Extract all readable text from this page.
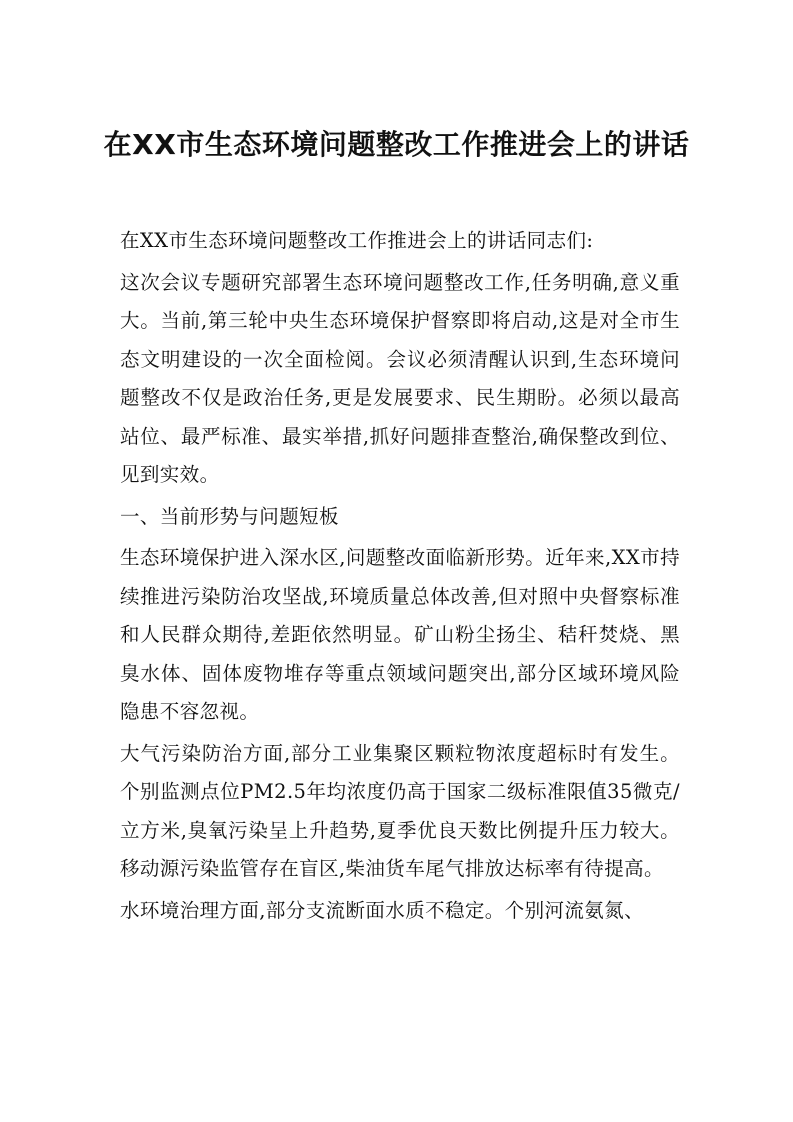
在XX市生态环境问题整改工作推进会上的讲话

在XX市生态环境问题整改工作推进会上的讲话同志们:

这次会议专题研究部署生态环境问题整改工作,任务明确,意义重大。当前,第三轮中央生态环境保护督察即将启动,这是对全市生态文明建设的一次全面检阅。会议必须清醒认识到,生态环境问题整改不仅是政治任务,更是发展要求、民生期盼。必须以最高站位、最严标准、最实举措,抓好问题排查整治,确保整改到位、见到实效。

一、当前形势与问题短板

生态环境保护进入深水区,问题整改面临新形势。近年来,XX市持续推进污染防治攻坚战,环境质量总体改善,但对照中央督察标准和人民群众期待,差距依然明显。矿山粉尘扬尘、秸秆焚烧、黑臭水体、固体废物堆存等重点领域问题突出,部分区域环境风险隐患不容忽视。

大气污染防治方面,部分工业集聚区颗粒物浓度超标时有发生。个别监测点位PM2.5年均浓度仍高于国家二级标准限值35微克/立方米,臭氧污染呈上升趋势,夏季优良天数比例提升压力较大。移动源污染监管存在盲区,柴油货车尾气排放达标率有待提高。

水环境治理方面,部分支流断面水质不稳定。个别河流氨氮、
